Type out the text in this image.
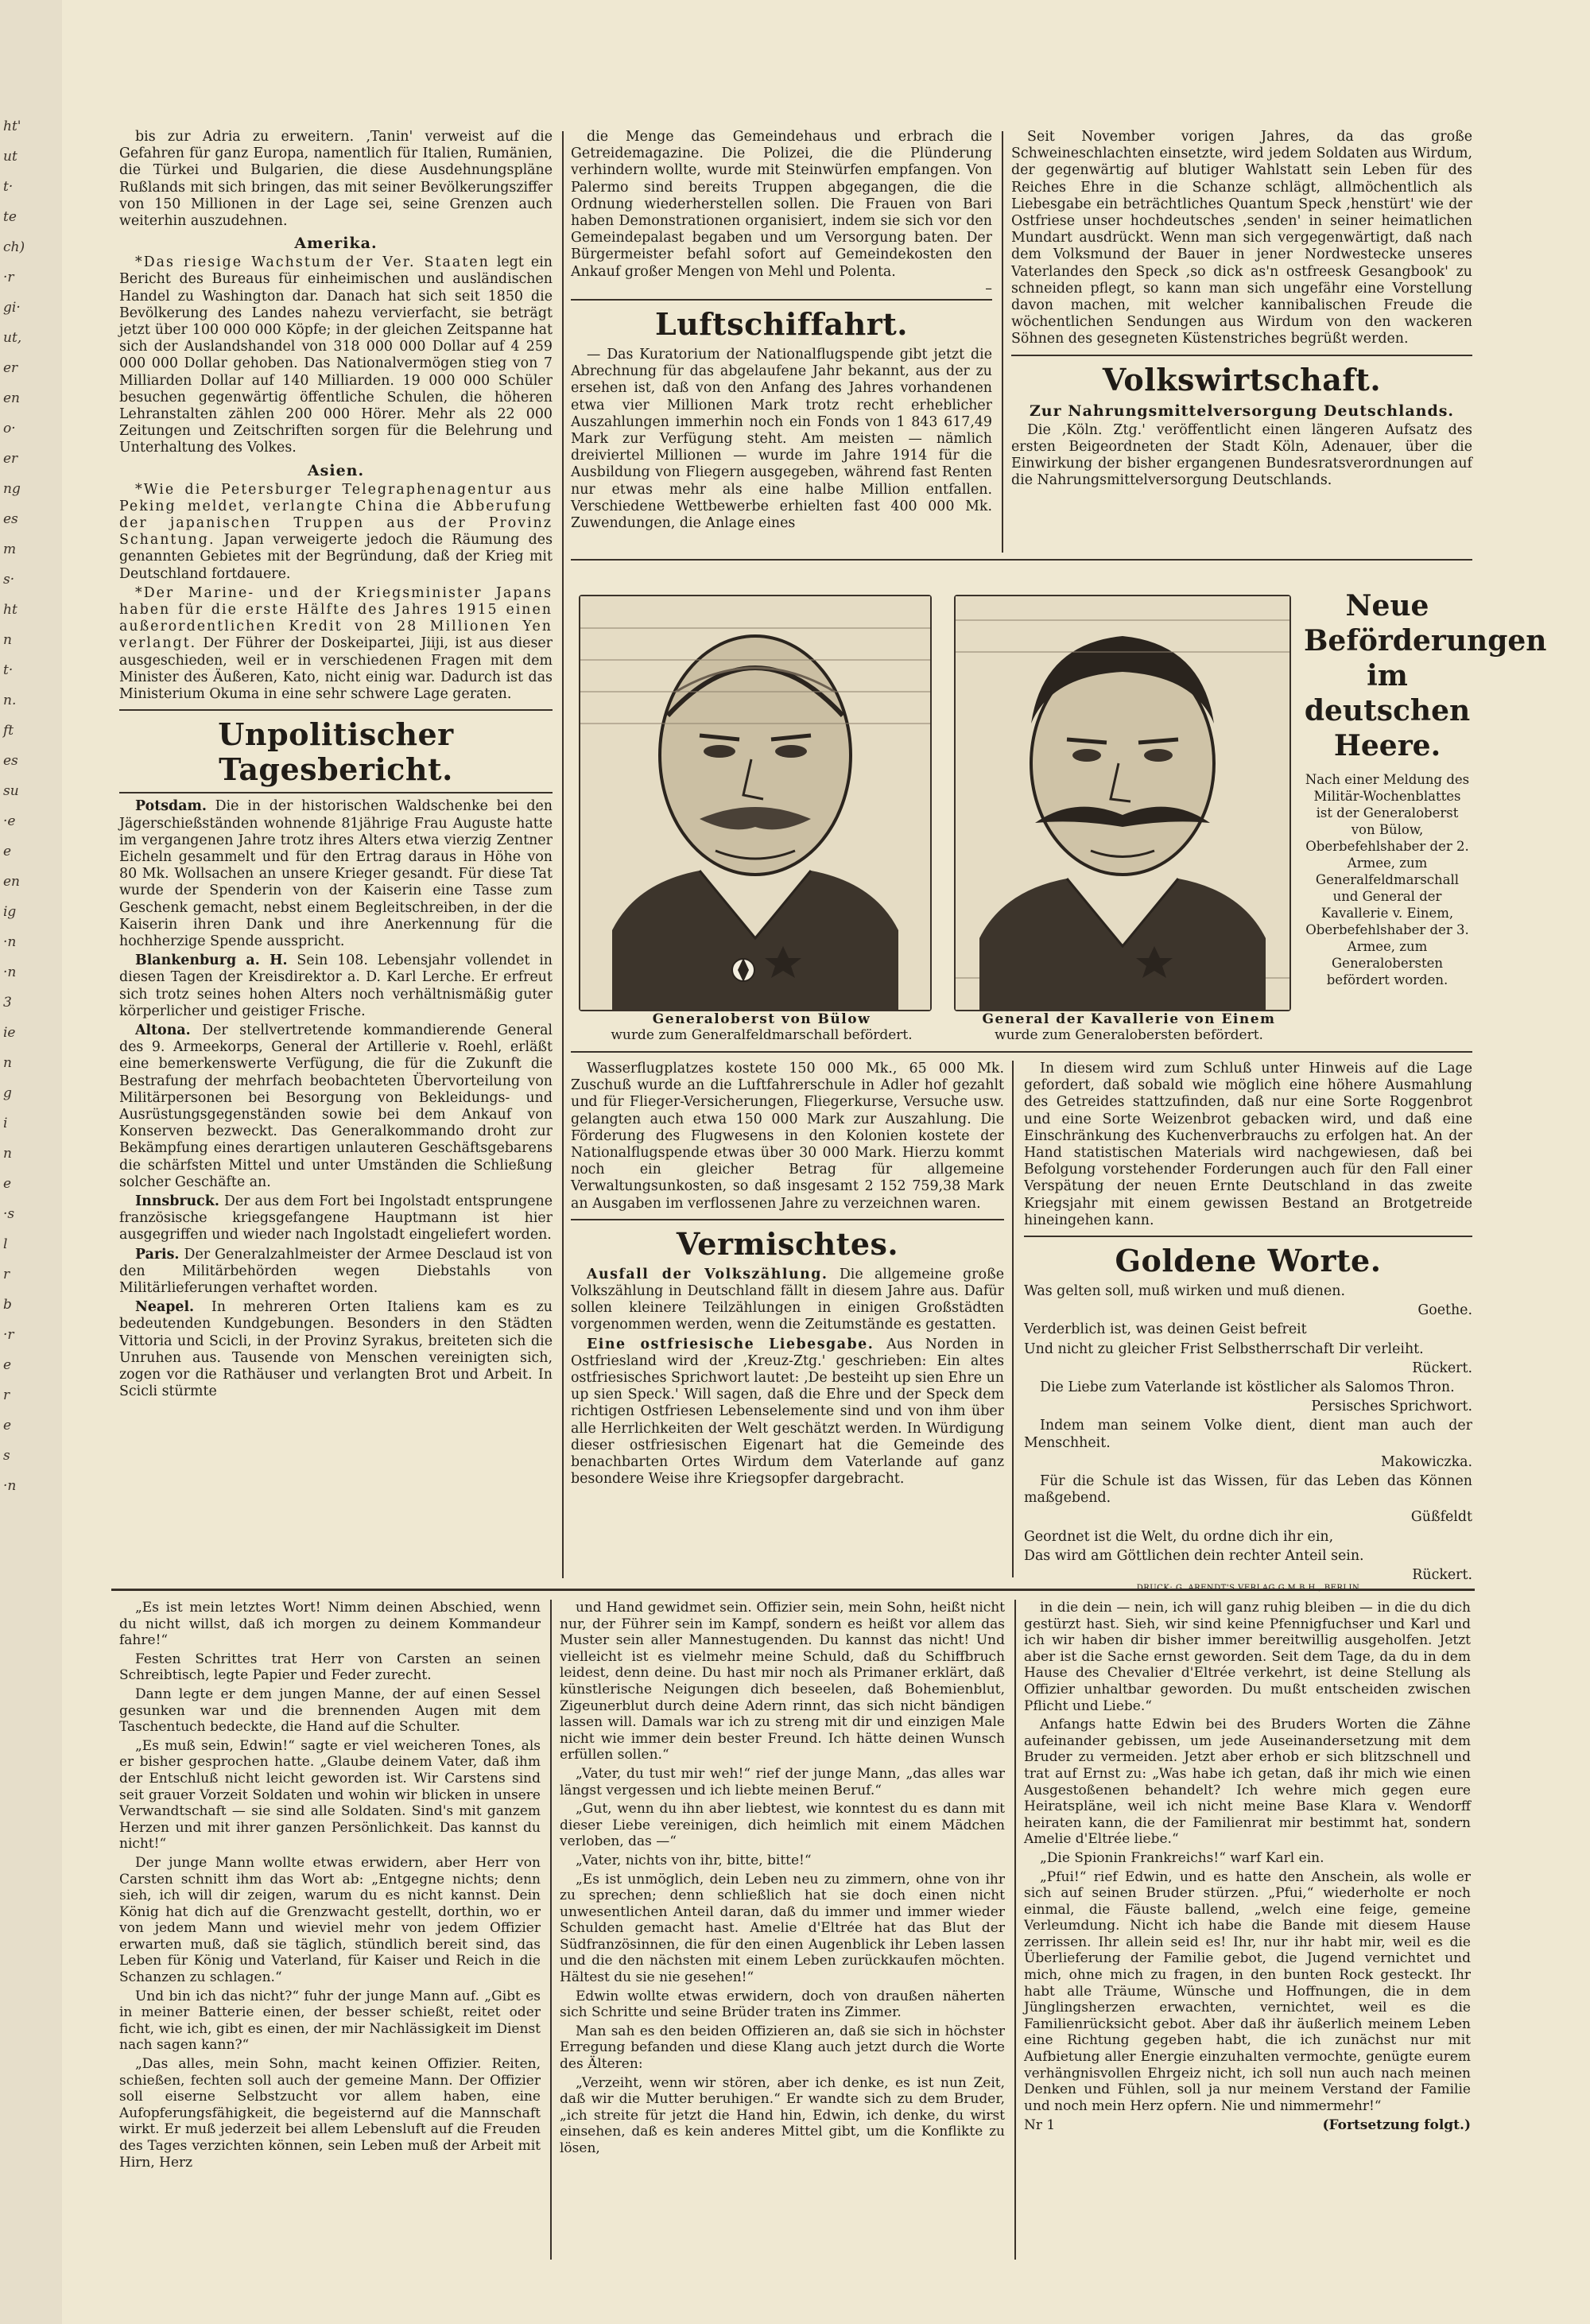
ht'
ut
t·
te
ch)
·r
gi·
ut,
er
en
o·
er
ng
es
m
s·
ht
n
t·
n.
ft
es
su
·e
e
en
ig
·n
·n
3
ie
n
g
i
n
e
·s
l
r
b
·r
e
r
e
s
·n

bis zur Adria zu erweitern. ‚Tanin' verweist auf die Gefahren für ganz Europa, namentlich für Italien, Rumänien, die Türkei und Bulgarien, die diese Ausdehnungspläne Rußlands mit sich bringen, das mit seiner Bevölkerungsziffer von 150 Millionen in der Lage sei, seine Grenzen auch weiterhin auszudehnen.

Amerika.

*Das riesige Wachstum der Ver. Staaten legt ein Bericht des Bureaus für einheimischen und ausländischen Handel zu Washington dar. Danach hat sich seit 1850 die Bevölkerung des Landes nahezu vervierfacht, sie beträgt jetzt über 100 000 000 Köpfe; in der gleichen Zeitspanne hat sich der Auslandshandel von 318 000 000 Dollar auf 4 259 000 000 Dollar gehoben. Das Nationalvermögen stieg von 7 Milliarden Dollar auf 140 Milliarden. 19 000 000 Schüler besuchen gegenwärtig öffentliche Schulen, die höheren Lehranstalten zählen 200 000 Hörer. Mehr als 22 000 Zeitungen und Zeitschriften sorgen für die Belehrung und Unterhaltung des Volkes.

Asien.

*Wie die Petersburger Telegraphenagentur aus Peking meldet, verlangte China die Abberufung der japanischen Truppen aus der Provinz Schantung. Japan verweigerte jedoch die Räumung des genannten Gebietes mit der Begründung, daß der Krieg mit Deutschland fortdauere.

*Der Marine- und der Kriegsminister Japans haben für die erste Hälfte des Jahres 1915 einen außerordentlichen Kredit von 28 Millionen Yen verlangt. Der Führer der Doskeipartei, Jiiji, ist aus dieser ausgeschieden, weil er in verschiedenen Fragen mit dem Minister des Äußeren, Kato, nicht einig war. Dadurch ist das Ministerium Okuma in eine sehr schwere Lage geraten.

Unpolitischer Tagesbericht.

Potsdam. Die in der historischen Waldschenke bei den Jägerschießständen wohnende 81jährige Frau Auguste hatte im vergangenen Jahre trotz ihres Alters etwa vierzig Zentner Eicheln gesammelt und für den Ertrag daraus in Höhe von 80 Mk. Wollsachen an unsere Krieger gesandt. Für diese Tat wurde der Spenderin von der Kaiserin eine Tasse zum Geschenk gemacht, nebst einem Begleitschreiben, in der die Kaiserin ihren Dank und ihre Anerkennung für die hochherzige Spende ausspricht.

Blankenburg a. H. Sein 108. Lebensjahr vollendet in diesen Tagen der Kreisdirektor a. D. Karl Lerche. Er erfreut sich trotz seines hohen Alters noch verhältnismäßig guter körperlicher und geistiger Frische.

Altona. Der stellvertretende kommandierende General des 9. Armeekorps, General der Artillerie v. Roehl, erläßt eine bemerkenswerte Verfügung, die für die Zukunft die Bestrafung der mehrfach beobachteten Übervorteilung von Militärpersonen bei Besorgung von Bekleidungs- und Ausrüstungsgegenständen sowie bei dem Ankauf von Konserven bezweckt. Das Generalkommando droht zur Bekämpfung eines derartigen unlauteren Geschäftsgebarens die schärfsten Mittel und unter Umständen die Schließung solcher Geschäfte an.

Innsbruck. Der aus dem Fort bei Ingolstadt entsprungene französische kriegsgefangene Hauptmann ist hier ausgegriffen und wieder nach Ingolstadt eingeliefert worden.

Paris. Der Generalzahlmeister der Armee Desclaud ist von den Militärbehörden wegen Diebstahls von Militärlieferungen verhaftet worden.

Neapel. In mehreren Orten Italiens kam es zu bedeutenden Kundgebungen. Besonders in den Städten Vittoria und Scicli, in der Provinz Syrakus, breiteten sich die Unruhen aus. Tausende von Menschen vereinigten sich, zogen vor die Rathäuser und verlangten Brot und Arbeit. In Scicli stürmte

die Menge das Gemeindehaus und erbrach die Getreidemagazine. Die Polizei, die die Plünderung verhindern wollte, wurde mit Steinwürfen empfangen. Von Palermo sind bereits Truppen abgegangen, die die Ordnung wiederherstellen sollen. Die Frauen von Bari haben Demonstrationen organisiert, indem sie sich vor den Gemeindepalast begaben und um Versorgung baten. Der Bürgermeister befahl sofort auf Gemeindekosten den Ankauf großer Mengen von Mehl und Polenta.

–
Luftschiffahrt.

— Das Kuratorium der Nationalflugspende gibt jetzt die Abrechnung für das abgelaufene Jahr bekannt, aus der zu ersehen ist, daß von den Anfang des Jahres vorhandenen etwa vier Millionen Mark trotz recht erheblicher Auszahlungen immerhin noch ein Fonds von 1 843 617,49 Mark zur Verfügung steht. Am meisten — nämlich dreiviertel Millionen — wurde im Jahre 1914 für die Ausbildung von Fliegern ausgegeben, während fast Renten nur etwas mehr als eine halbe Million entfallen. Verschiedene Wettbewerbe erhielten fast 400 000 Mk. Zuwendungen, die Anlage eines

Seit November vorigen Jahres, da das große Schweineschlachten einsetzte, wird jedem Soldaten aus Wirdum, der gegenwärtig auf blutiger Wahlstatt sein Leben für des Reiches Ehre in die Schanze schlägt, allmöchentlich als Liebesgabe ein beträchtliches Quantum Speck ‚henstürt' wie der Ostfriese unser hochdeutsches ‚senden' in seiner heimatlichen Mundart ausdrückt. Wenn man sich vergegenwärtigt, daß nach dem Volksmund der Bauer in jener Nordwestecke unseres Vaterlandes den Speck ‚so dick as'n ostfreesk Gesangbook' zu schneiden pflegt, so kann man sich ungefähr eine Vorstellung davon machen, mit welcher kannibalischen Freude die wöchentlichen Sendungen aus Wirdum von den wackeren Söhnen des gesegneten Küstenstriches begrüßt werden.

Volkswirtschaft.
Zur Nahrungsmittelversorgung Deutschlands.

Die ‚Köln. Ztg.' veröffentlicht einen längeren Aufsatz des ersten Beigeordneten der Stadt Köln, Adenauer, über die Einwirkung der bisher ergangenen Bundesratsverordnungen auf die Nahrungsmittelversorgung Deutschlands.

Generaloberst von Bülow
wurde zum Generalfeldmarschall befördert.
General der Kavallerie von Einem
wurde zum Generalobersten befördert.
Neue Beförderungen im deutschen Heere.

Nach einer Meldung des Militär-Wochenblattes ist der Generaloberst von Bülow, Oberbefehlshaber der 2. Armee, zum Generalfeldmarschall und General der Kavallerie v. Einem, Oberbefehlshaber der 3. Armee, zum Generalobersten befördert worden.

Wasserflugplatzes kostete 150 000 Mk., 65 000 Mk. Zuschuß wurde an die Luftfahrerschule in Adler hof gezahlt und für Flieger-Versicherungen, Fliegerkurse, Versuche usw. gelangten auch etwa 150 000 Mark zur Auszahlung. Die Förderung des Flugwesens in den Kolonien kostete der Nationalflugspende etwas über 30 000 Mark. Hierzu kommt noch ein gleicher Betrag für allgemeine Verwaltungsunkosten, so daß insgesamt 2 152 759,38 Mark an Ausgaben im verflossenen Jahre zu verzeichnen waren.

Vermischtes.

Ausfall der Volkszählung. Die allgemeine große Volkszählung in Deutschland fällt in diesem Jahre aus. Dafür sollen kleinere Teilzählungen in einigen Großstädten vorgenommen werden, wenn die Zeitumstände es gestatten.

Eine ostfriesische Liebesgabe. Aus Norden in Ostfriesland wird der ‚Kreuz-Ztg.' geschrieben: Ein altes ostfriesisches Sprichwort lautet: ‚De besteiht up sien Ehre un up sien Speck.' Will sagen, daß die Ehre und der Speck dem richtigen Ostfriesen Lebenselemente sind und von ihm über alle Herrlichkeiten der Welt geschätzt werden. In Würdigung dieser ostfriesischen Eigenart hat die Gemeinde des benachbarten Ortes Wirdum dem Vaterlande auf ganz besondere Weise ihre Kriegsopfer dargebracht.

In diesem wird zum Schluß unter Hinweis auf die Lage gefordert, daß sobald wie möglich eine höhere Ausmahlung des Getreides stattzufinden, daß nur eine Sorte Roggenbrot und eine Sorte Weizenbrot gebacken wird, und daß eine Einschränkung des Kuchenverbrauchs zu erfolgen hat. An der Hand statistischen Materials wird nachgewiesen, daß bei Befolgung vorstehender Forderungen auch für den Fall einer Verspätung der neuen Ernte Deutschland in das zweite Kriegsjahr mit einem gewissen Bestand an Brotgetreide hineingehen kann.

Goldene Worte.

Was gelten soll, muß wirken und muß dienen.

Goethe.

Verderblich ist, was deinen Geist befreit

Und nicht zu gleicher Frist Selbstherrschaft Dir verleiht.

Rückert.

Die Liebe zum Vaterlande ist köstlicher als Salomos Thron.

Persisches Sprichwort.

Indem man seinem Volke dient, dient man auch der Menschheit.

Makowiczka.

Für die Schule ist das Wissen, für das Leben das Können maßgebend.

Güßfeldt

Geordnet ist die Welt, du ordne dich ihr ein,

Das wird am Göttlichen dein rechter Anteil sein.

Rückert.

„Es ist mein letztes Wort! Nimm deinen Abschied, wenn du nicht willst, daß ich morgen zu deinem Kommandeur fahre!“

Festen Schrittes trat Herr von Carsten an seinen Schreibtisch, legte Papier und Feder zurecht.

Dann legte er dem jungen Manne, der auf einen Sessel gesunken war und die brennenden Augen mit dem Taschentuch bedeckte, die Hand auf die Schulter.

„Es muß sein, Edwin!“ sagte er viel weicheren Tones, als er bisher gesprochen hatte. „Glaube deinem Vater, daß ihm der Entschluß nicht leicht geworden ist. Wir Carstens sind seit grauer Vorzeit Soldaten und wohin wir blicken in unsere Verwandtschaft — sie sind alle Soldaten. Sind's mit ganzem Herzen und mit ihrer ganzen Persönlichkeit. Das kannst du nicht!“

Der junge Mann wollte etwas erwidern, aber Herr von Carsten schnitt ihm das Wort ab: „Entgegne nichts; denn sieh, ich will dir zeigen, warum du es nicht kannst. Dein König hat dich auf die Grenzwacht gestellt, dorthin, wo er von jedem Mann und wieviel mehr von jedem Offizier erwarten muß, daß sie täglich, stündlich bereit sind, das Leben für König und Vaterland, für Kaiser und Reich in die Schanzen zu schlagen.“

Und bin ich das nicht?“ fuhr der junge Mann auf. „Gibt es in meiner Batterie einen, der besser schießt, reitet oder ficht, wie ich, gibt es einen, der mir Nachlässigkeit im Dienst nach sagen kann?“

„Das alles, mein Sohn, macht keinen Offizier. Reiten, schießen, fechten soll auch der gemeine Mann. Der Offizier soll eiserne Selbstzucht vor allem haben, eine Aufopferungsfähigkeit, die begeisternd auf die Mannschaft wirkt. Er muß jederzeit bei allem Lebensluft auf die Freuden des Tages verzichten können, sein Leben muß der Arbeit mit Hirn, Herz

und Hand gewidmet sein. Offizier sein, mein Sohn, heißt nicht nur, der Führer sein im Kampf, sondern es heißt vor allem das Muster sein aller Mannestugenden. Du kannst das nicht! Und vielleicht ist es vielmehr meine Schuld, daß du Schiffbruch leidest, denn deine. Du hast mir noch als Primaner erklärt, daß künstlerische Neigungen dich beseelen, daß Bohemienblut, Zigeunerblut durch deine Adern rinnt, das sich nicht bändigen lassen will. Damals war ich zu streng mit dir und einzigen Male nicht wie immer dein bester Freund. Ich hätte deinen Wunsch erfüllen sollen.“

„Vater, du tust mir weh!“ rief der junge Mann, „das alles war längst vergessen und ich liebte meinen Beruf.“

„Gut, wenn du ihn aber liebtest, wie konntest du es dann mit dieser Liebe vereinigen, dich heimlich mit einem Mädchen verloben, das —“

„Vater, nichts von ihr, bitte, bitte!“

„Es ist unmöglich, dein Leben neu zu zimmern, ohne von ihr zu sprechen; denn schließlich hat sie doch einen nicht unwesentlichen Anteil daran, daß du immer und immer wieder Schulden gemacht hast. Amelie d'Eltrée hat das Blut der Südfranzösinnen, die für den einen Augenblick ihr Leben lassen und die den nächsten mit einem Leben zurückkaufen möchten. Hältest du sie nie gesehen!“

Edwin wollte etwas erwidern, doch von draußen näherten sich Schritte und seine Brüder traten ins Zimmer.

Man sah es den beiden Offizieren an, daß sie sich in höchster Erregung befanden und diese Klang auch jetzt durch die Worte des Älteren:

„Verzeiht, wenn wir stören, aber ich denke, es ist nun Zeit, daß wir die Mutter beruhigen.“ Er wandte sich zu dem Bruder, „ich streite für jetzt die Hand hin, Edwin, ich denke, du wirst einsehen, daß es kein anderes Mittel gibt, um die Konflikte zu lösen,

in die dein — nein, ich will ganz ruhig bleiben — in die du dich gestürzt hast. Sieh, wir sind keine Pfennigfuchser und Karl und ich wir haben dir bisher immer bereitwillig ausgeholfen. Jetzt aber ist die Sache ernst geworden. Seit dem Tage, da du in dem Hause des Chevalier d'Eltrée verkehrt, ist deine Stellung als Offizier unhaltbar geworden. Du mußt entscheiden zwischen Pflicht und Liebe.“

Anfangs hatte Edwin bei des Bruders Worten die Zähne aufeinander gebissen, um jede Auseinandersetzung mit dem Bruder zu vermeiden. Jetzt aber erhob er sich blitzschnell und trat auf Ernst zu: „Was habe ich getan, daß ihr mich wie einen Ausgestoßenen behandelt? Ich wehre mich gegen eure Heiratspläne, weil ich nicht meine Base Klara v. Wendorff heiraten kann, die der Familienrat mir bestimmt hat, sondern Amelie d'Eltrée liebe.“

„Die Spionin Frankreichs!“ warf Karl ein.

„Pfui!“ rief Edwin, und es hatte den Anschein, als wolle er sich auf seinen Bruder stürzen. „Pfui,“ wiederholte er noch einmal, die Fäuste ballend, „welch eine feige, gemeine Verleumdung. Nicht ich habe die Bande mit diesem Hause zerrissen. Ihr allein seid es! Ihr, nur ihr habt mir, weil es die Überlieferung der Familie gebot, die Jugend vernichtet und mich, ohne mich zu fragen, in den bunten Rock gesteckt. Ihr habt alle Träume, Wünsche und Hoffnungen, die in dem Jünglingsherzen erwachten, vernichtet, weil es die Familienrücksicht gebot. Aber daß ihr äußerlich meinem Leben eine Richtung gegeben habt, die ich zunächst nur mit Aufbietung aller Energie einzuhalten vermochte, genügte eurem verhängnisvollen Ehrgeiz nicht, ich soll nun auch nach meinen Denken und Fühlen, soll ja nur meinem Verstand der Familie und noch mein Herz opfern. Nie und nimmermehr!“

Nr 1	(Fortsetzung folgt.)
